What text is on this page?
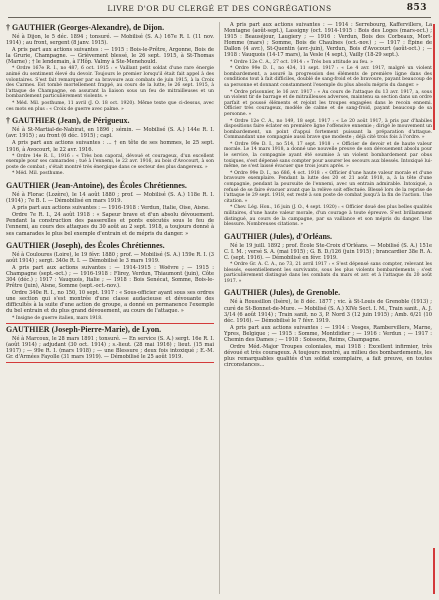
LIVRE D'OR DU CLERGÉ ET DES CONGRÉGATIONS	853
† GAUTHIER (Georges-Alexandre), de Dijon.
Né à Dijon, le 5 déc. 1894 ; tonsuré. — Mobilisé (S. A.) 167e R. I. (11 nov. 1914) ; au front, sergent (8 janv. 1915).
A pris part aux actions suivantes : — 1915 : Bois-le-Prêtre, Argonne, Bois de la Grurie, Champagne. — Grièvement blessé, le 26 sept. 1915, à St-Thomas (Marne) ; † le lendemain, à l'Hôp. Valmy à Ste-Menehould.
* Ordre 167e R. I., no 487, 6 oct. 1915 : « Vaillant petit soldat d'une rare énergie animé du sentiment élevé du devoir. Toujours le premier lorsqu'il était fait appel à des volontaires. S'est fait remarquer par sa bravoure aux combats de juin 1915, à la Croix des Carmes. Est tombé mortellement frappé, au cours de la lutte, le 26 sept. 1915, à l'attaque de Champagne, en assurant la liaison sous un feu de mitrailleuses et un bombardement particulièrement violents. »
* Méd. Mil. posthume, 11 avril (J. O. 18 oct. 1920). Même texte que ci-dessus, avec ces mots en plus : « Croix de guerre avec palme. »
† GAUTHIER (Jean), de Périgueux.
Né à St-Martial-de-Nabirat, en 1896 ; sémin. — Mobilisé (S. A.) 144e R. I. (avr. 1915) ; au front (6 déc. 1915) ; capl.
A pris part aux actions suivantes : ... † en tête de ses hommes, le 25 sept. 1916, à Avocourt, le 22 avr. 1916.
* Ordre 14e R. I., 1916 : « Très bon caporal, dévoué et courageux, d'un excellent exemple pour ses camarades ; tué à l'ennemi, le 22 avr. 1916, au bois d'Avocourt, à son poste de combat ; s'était montré très énergique dans ce secteur des plus dangereux. »
* Méd. Mil. posthume.
GAUTHIER (Jean-Antoine), des Écoles Chrétiennes.
Né à Florac (Lozère), le 14 août 1880 ; prof. — Mobilisé (S. A.) 118e R. I. (1914) ; 7e B. I. — Démobilisé en mars 1919.
A pris part aux actions suivantes : — 1916-1918 : Verdun, Italie, Oise, Aisne.
Ordre 7e R. I., 24 août 1918 : « Sapeur brave et d'un absolu dévouement. Pendant la construction des passerelles et ponts exécutés sous le feu de l'ennemi, au cours des attaques du 30 août au 2 sept. 1918, a toujours donné à ses camarades le plus bel exemple d'entrain et de mépris du danger. »
GAUTHIER (Joseph), des Écoles Chrétiennes.
Né à Couloures (Loire), le 19 févr. 1880 ; prof. — Mobilisé (S. A.) 159e R. I. (3 août 1914) ; sergt. 340e R. I. — Démobilisé le 3 mars 1919.
A pris part aux actions suivantes : — 1914-1915 : Woëvre ; — 1915 : Champagne (sept.-oct.) ; — 1916-1918 : Flirey, Verdun, Thiaumont (juin), Côte 304 (déc.) ; 1917 : Vauquois, Italie ; — 1918 : Bois Senécat, Somme, Bois-le-Prêtre (juin), Aisne, Somme (sept.-oct.-nov.).
Ordre 340e R. I., no 150, 10 sept. 1917 : « Sous-officier ayant sous ses ordres une section qui s'est montrée d'une classe audacieuse et dévouante des difficultés à la suite d'une action de groupe, a donné en permanence l'exemple du bel entrain et du plus grand dévouement, au cours de l'attaque. »
* Insigne de guerre italien, mars 1918.
GAUTHIER (Joseph-Pierre-Marie), de Lyon.
Né à Marcoux, le 28 mars 1891 ; tonsuré. — En service (S. A.) sergt. 16e R. I. (août 1914) ; adjudant (30 oct. 1914) ; s.-lieut. (28 mai 1916) ; lieut. (15 mai 1917) ; — 99e R. I. (mars 1918) ; — une Blessure ; deux fois intoxiqué ; E.-M. Gr. d'Armées Fayolle (31 mars 1919). — Démobilisé le 25 août 1919.
A pris part aux actions suivantes : — 1914 : Serrebourg, Kaffervillers, La Montagne (août-sept.), Lassigny (oct. 1914-1915 : Bois des Loges (mars-oct.) ; 1915 : Beauséjour, Laugiery ; — 1916 : Verdun, Bois des Corbeaux, Mort-Homme (mars) ; Somme, Bois de Chaulnes (oct.-nov.) ; — 1917 : Épine de Dallon (4 avr.), St-Quentin (avr.-juin), Verdun, Bois d'Avocourt (août-oct.) ; — 1918 : Vauquois (14-17 mars), la Vesle (4 sept.), Vailly (18-29 sept.).
* Ordre 12e C. A., 27 oct. 1914 : « Très bon attitude au feu. »
* Ordre 99e D. I., no 434, 11 sept. 1917 : « Le 4 avr. 1917, malgré un violent bombardement, a assuré la progression des éléments de première ligne dans des conditions tout à fait difficiles, doublé de sang-froid et de bravoure, payant beaucoup de sa personne et donnant constamment l'exemple du plus absolu mépris du danger. »
* Ordre prisonnier, le 16 avr. 1917 : « Au cours de l'attaque du 13 avr. 1917, a, sous un violent tir de barrage et de mitrailleuses adverses, maintenu sa section dans un ordre parfait et poussé éléments et rejoint les troupes engagées dans le recoin ennemi. Officier très courageux, modèle de calme et de sang-froid, payant beaucoup de sa personne. »
* Ordre 12e C. A., no 149, 18 sept. 1917 : « Le 20 août 1917, à pris par d'habiles dispositions faire éclater en première ligne l'offensive ennemie ; dirigé le mouvement un bombardement, un point d'appui fortement puissant la préparation d'attaque. Commandant une compagnie aussi brave que modeste ; déjà cité trois fois à l'ordre. »
* Ordre 99e D. I., no 514, 17 sept. 1918 : « Officier de devoir et de haute valeur morale. Le 14 mars 1918, a donné une nouvelle preuve de son dévouement absolu pour le service, la compagnie ayant été soumise à un violent bombardement par obus toxiques, s'est dépensé sans compter pour assurer les secours aux blessés. Intoxiqué lui-même, ne s'est laissé évacuer que trois jours après. »
* Ordre 99e D. I., no 686, 4 oct. 1918 : « Officier d'une haute valeur morale et d'une bravoure exemplaire. Pendant la lutte des 20 et 21 août 1918, a, à la tête d'une compagnie, pendant la poursuite de l'ennemi, avec un entrain admirable. Intoxiqué, a refusé de se faire évacuer avant que la relève soit effectuée. Blessé lors de la reprise de l'attaque le 29 sept. 1918, est resté à son poste de combat jusqu'à la fin de l'action. Une citation. »
* Chev. Lég. Hon., 16 juin (J. O., 4 sept. 1920) : « Officier doué des plus belles qualités militaires, d'une haute valeur morale, d'un courage à toute épreuve. S'est brillamment distingué, au cours de la campagne, par sa vaillance et son mépris du danger. Une blessure. Nombreuses citations. »
GAUTHIER (Jules), d'Orléans.
Né le 19 juill. 1892 ; prof. École Ste-Croix d'Orléans. — Mobilisé (S. A.) 151e C. I. M. ; versé S. A. (mai 1915) ; G. B. D./126 (juin 1915) ; brancardier 38e R. A. C. (sept. 1916). — Démobilisé en févr. 1919.
* Ordre Gr. A. C. A., no 73, 21 avril 1917 : « S'est dépensé sans compter, relevant les blessés, essentiellement les survivants, sous les plus violents bombardements ; s'est particulièrement distingué dans les combats du mars et avr. et à l'attaque du 20 août 1917. »
GAUTHIER (Jules), de Grenoble.
Né à Roussillon (Isère), le 8 déc. 1877 ; vic. à St-Louis de Grenoble (1913) ; curé de St-Bonnet-de-Mure. — Mobilisé (S. A.) XIVe Sect. I. M., Train sanit., A. J. 3/14 (6 août 1914) ; Train sanit. no 3, P. Nord 3 (12 juin 1915) ; Amb. 6/21 (10 déc. 1916). — Démobilisé le 7 févr. 1919.
A pris part aux actions suivantes : — 1914 : Vosges, Rambervillers, Marne, Ypres, Belgique ; — 1915 : Somme, Montdidier ; — 1916 : Verdun ; — 1917 : Chemin des Dames ; — 1918 : Soissons, Reims, Champagne.
Ordre Méd.-Major Troupes coloniales, mai 1918 : Excellent infirmier, très dévoué et très courageux. A toujours montré, au milieu des bombardements, les plus remarquables qualités d'un soldat exemplaire, a fait preuve, en toutes circonstances...
